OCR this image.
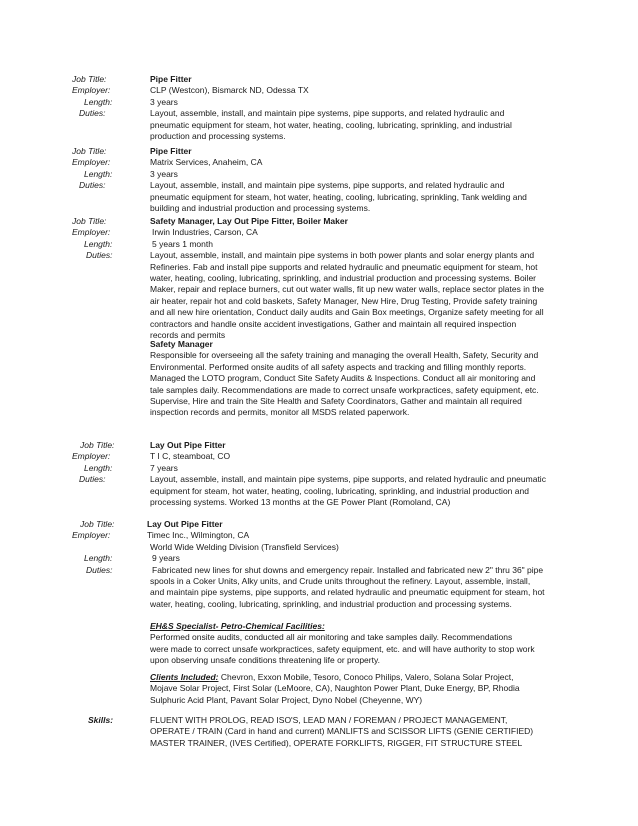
Job Title:	Pipe Fitter
Employer:	CLP (Westcon), Bismarck ND, Odessa TX
Length:	3 years
Duties:	Layout, assemble, install, and maintain pipe systems, pipe supports, and related hydraulic and
pneumatic equipment for steam, hot water, heating, cooling, lubricating, sprinkling, and industrial
production and processing systems.
Job Title:	Pipe Fitter
Employer:	Matrix Services, Anaheim, CA
Length:	3 years
Duties:	Layout, assemble, install, and maintain pipe systems, pipe supports, and related hydraulic and
pneumatic equipment for steam, hot water, heating, cooling, lubricating, sprinkling, Tank welding and
building and industrial production and processing systems.
Job Title:	Safety Manager, Lay Out Pipe Fitter, Boiler Maker
Employer:	Irwin Industries, Carson, CA
Length:	5 years 1 month
Duties:	Layout, assemble, install, and maintain pipe systems in both power plants and solar energy plants and
Refineries. Fab and install pipe supports and related hydraulic and pneumatic equipment for steam, hot
water, heating, cooling, lubricating, sprinkling, and industrial production and processing systems. Boiler
Maker, repair and replace burners, cut out water walls, fit up new water walls, replace sector plates in the
air heater, repair hot and cold baskets, Safety Manager, New Hire, Drug Testing, Provide safety training
and all new hire orientation, Conduct daily audits and Gain Box meetings, Organize safety meeting for all
contractors and handle onsite accident investigations, Gather and maintain all required inspection
records and permits
Safety Manager
Responsible for overseeing all the safety training and managing the overall Health, Safety, Security and
Environmental. Performed onsite audits of all safety aspects and tracking and filling monthly reports.
Managed the LOTO program, Conduct Site Safety Audits & Inspections. Conduct all air monitoring and
tale samples daily. Recommendations are made to correct unsafe workpractices, safety equipment, etc.
Supervise, Hire and train the Site Health and Safety Coordinators, Gather and maintain all required
inspection records and permits, monitor all MSDS related paperwork.
Job Title:	Lay Out Pipe Fitter
Employer:	T I C, steamboat, CO
Length:	7 years
Duties:	Layout, assemble, install, and maintain pipe systems, pipe supports, and related hydraulic and pneumatic
equipment for steam, hot water, heating, cooling, lubricating, sprinkling, and industrial production and
processing systems. Worked 13 months at the GE Power Plant (Romoland, CA)
Job Title:	Lay Out Pipe Fitter
Employer:	Timec Inc., Wilmington, CA
World Wide Welding Division (Transfield Services)
Length:	9 years
Duties:	Fabricated new lines for shut downs and emergency repair. Installed and fabricated new 2" thru 36" pipe
spools in a Coker Units, Alky units, and Crude units throughout the refinery. Layout, assemble, install,
and maintain pipe systems, pipe supports, and related hydraulic and pneumatic equipment for steam, hot
water, heating, cooling, lubricating, sprinkling, and industrial production and processing systems.
EH&S Specialist- Petro-Chemical Facilities:
Performed onsite audits, conducted all air monitoring and take samples daily. Recommendations
were made to correct unsafe workpractices, safety equipment, etc. and will have authority to stop work
upon observing unsafe conditions threatening life or property.
Clients Included: Chevron, Exxon Mobile, Tesoro, Conoco Philips, Valero, Solana Solar Project,
Mojave Solar Project, First Solar (LeMoore, CA), Naughton Power Plant, Duke Energy, BP, Rhodia
Sulphuric Acid Plant, Pavant Solar Project, Dyno Nobel (Cheyenne, WY)
Skills:	FLUENT WITH PROLOG, READ ISO'S, LEAD MAN / FOREMAN / PROJECT MANAGEMENT,
OPERATE / TRAIN (Card in hand and current) MANLIFTS and SCISSOR LIFTS (GENIE CERTIFIED)
MASTER TRAINER, (IVES Certified), OPERATE FORKLIFTS, RIGGER, FIT STRUCTURE STEEL
